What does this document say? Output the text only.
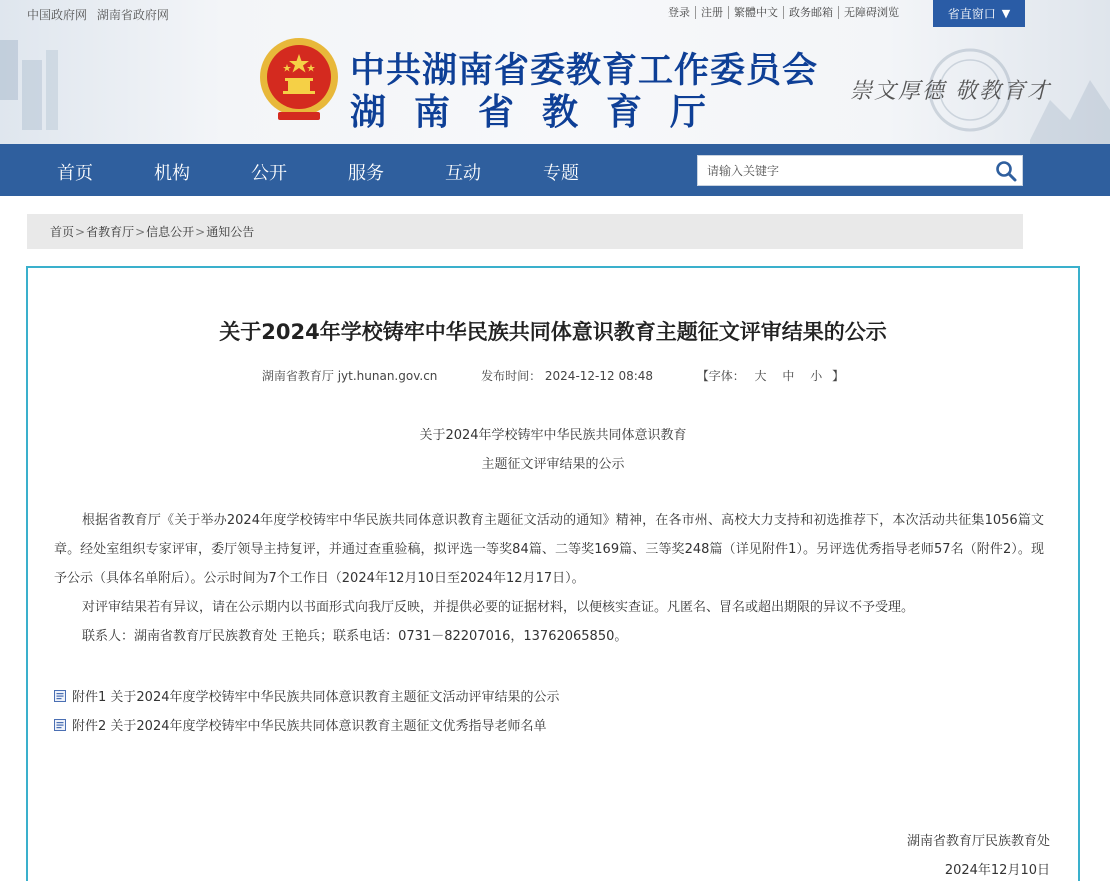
中国政府网 湖南省政府网	登录	注册	繁體中文	政务邮箱	无障碍浏览	省直窗口 ▼
中共湖南省委教育工作委员会
湖南省教育厅
崇文厚德 敬教育才
首页	机构	公开	服务	互动	专题
请输入关键字
首页 > 省教育厅 > 信息公开 > 通知公告
关于2024年学校铸牢中华民族共同体意识教育主题征文评审结果的公示
湖南省教育厅 jyt.hunan.gov.cn	发布时间： 2024-12-12 08:48	【字体： 大 中 小 】
关于2024年学校铸牢中华民族共同体意识教育
主题征文评审结果的公示
根据省教育厅《关于举办2024年度学校铸牢中华民族共同体意识教育主题征文活动的通知》精神，在各市州、高校大力支持和初选推荐下，本次活动共征集1056篇文章。经处室组织专家评审，委厅领导主持复评，并通过查重验稿，拟评选一等奖84篇、二等奖169篇、三等奖248篇（详见附件1）。另评选优秀指导老师57名（附件2）。现予公示（具体名单附后）。公示时间为7个工作日（2024年12月10日至2024年12月17日）。
对评审结果若有异议，请在公示期内以书面形式向我厅反映，并提供必要的证据材料，以便核实查证。凡匿名、冒名或超出期限的异议不予受理。
联系人：湖南省教育厅民族教育处 王艳兵；联系电话：0731－82207016，13762065850。
附件1 关于2024年度学校铸牢中华民族共同体意识教育主题征文活动评审结果的公示
附件2 关于2024年度学校铸牢中华民族共同体意识教育主题征文优秀指导老师名单
湖南省教育厅民族教育处
2024年12月10日
